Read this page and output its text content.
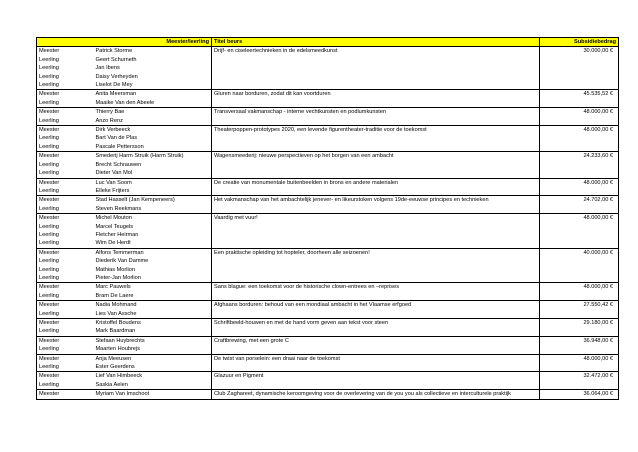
Meester/leerling		Titel beurs	Subsidiebedrag
Meester	Patrick Storme	Drijf- en ciseleertechnieken in de edelsmeedkunst	30.000,00 €
Leerling	Geert Schurneth		
Leerling	Jan Ibens		
Leerling	Daisy Verheyden		
Leerling	Liselot De Mey		
Meester	Anita Meersman	Gluren naar borduren, zodat dit kan voortduren	45.535,52 €
Leerling	Maaike Van den Abeele		
Meester	Thierry Bae	Transversaal vakmanschap - interne vechtkunsten en podiumkunsten	48.000,00 €
Leerling	Anzo Renz		
Meester	Dirk Verbeeck	Theaterpoppen-prototypes 2020, een levende figurentheater-traditie voor de toekomst	48.000,00 €
Leerling	Bart Van de Plas		
Leerling	Pascale Pettersson		
Meester	Smederij Harm Struik (Harm Struik)	Wagensmeederij: nieuwe perspectieven op het borgen van een ambacht	24.233,60 €
Leerling	Brecht Schrauwen		
Leerling	Dieter Van Mol		
Meester	Luc Van Soom	De creatie van monumentale buitenbeelden in brons en andere materialen	48.000,00 €
Leerling	Elleke Frijters		
Meester	Stad Hasselt (Jan Kempeneers)	Het vakmanschap van het ambachtelijk jenever- en likeurstoken volgens 19de-eeuwse principes en technieken	24.702,00 €
Leerling	Steven Reekmans		
Meester	Michel Mouton	Vaardig met vuur!	48.000,00 €
Leerling	Marcel Teugels		
Leerling	Fletcher Heirman		
Leerling	Wim De Herdt		
Meester	Alfons Temmerman	Een praktische opleiding tot hopteler, doorheen alle seizoenen!	40.000,00 €
Leerling	Diederik Van Damme		
Leerling	Mathias Morlion		
Leerling	Pieter-Jan Morlion		
Meester	Marc Pauwels	Sans blague: een toekomst voor de historische clown-entrees en –reprises	48.000,00 €
Leerling	Bram De Laere		
Meester	Nadia Mohmand	Afghaans borduren: behoud van een mondiaal ambacht in het Vlaamse erfgoed	27.550,42 €
Leerling	Lies Van Assche		
Meester	Kristoffel Boudens	Schriftbeeld-houwen en met de hand vorm geven aan tekst voor steen	29.180,00 €
Leerling	Mark Baardman		
Meester	Stefaan Huybrechts	Craftbrewing, met een grote C	36.948,00 €
Leerling	Maarten Houbrejs		
Meester	Anja Meeusen	De twist van porselein: een draai naar de toekomst	48.000,00 €
Leerling	Ester Geerdens		
Meester	Lief Van Himbeeck	Glazuur en Pigment	32.472,00 €
Leerling	Saskia Aelen		
Meester	Myriam Van Imschoot	Club Zaghareet, dynamische keroomgeving voor de overlevering van de you you als collectieve en interculturele praktijk	36.064,00 €
